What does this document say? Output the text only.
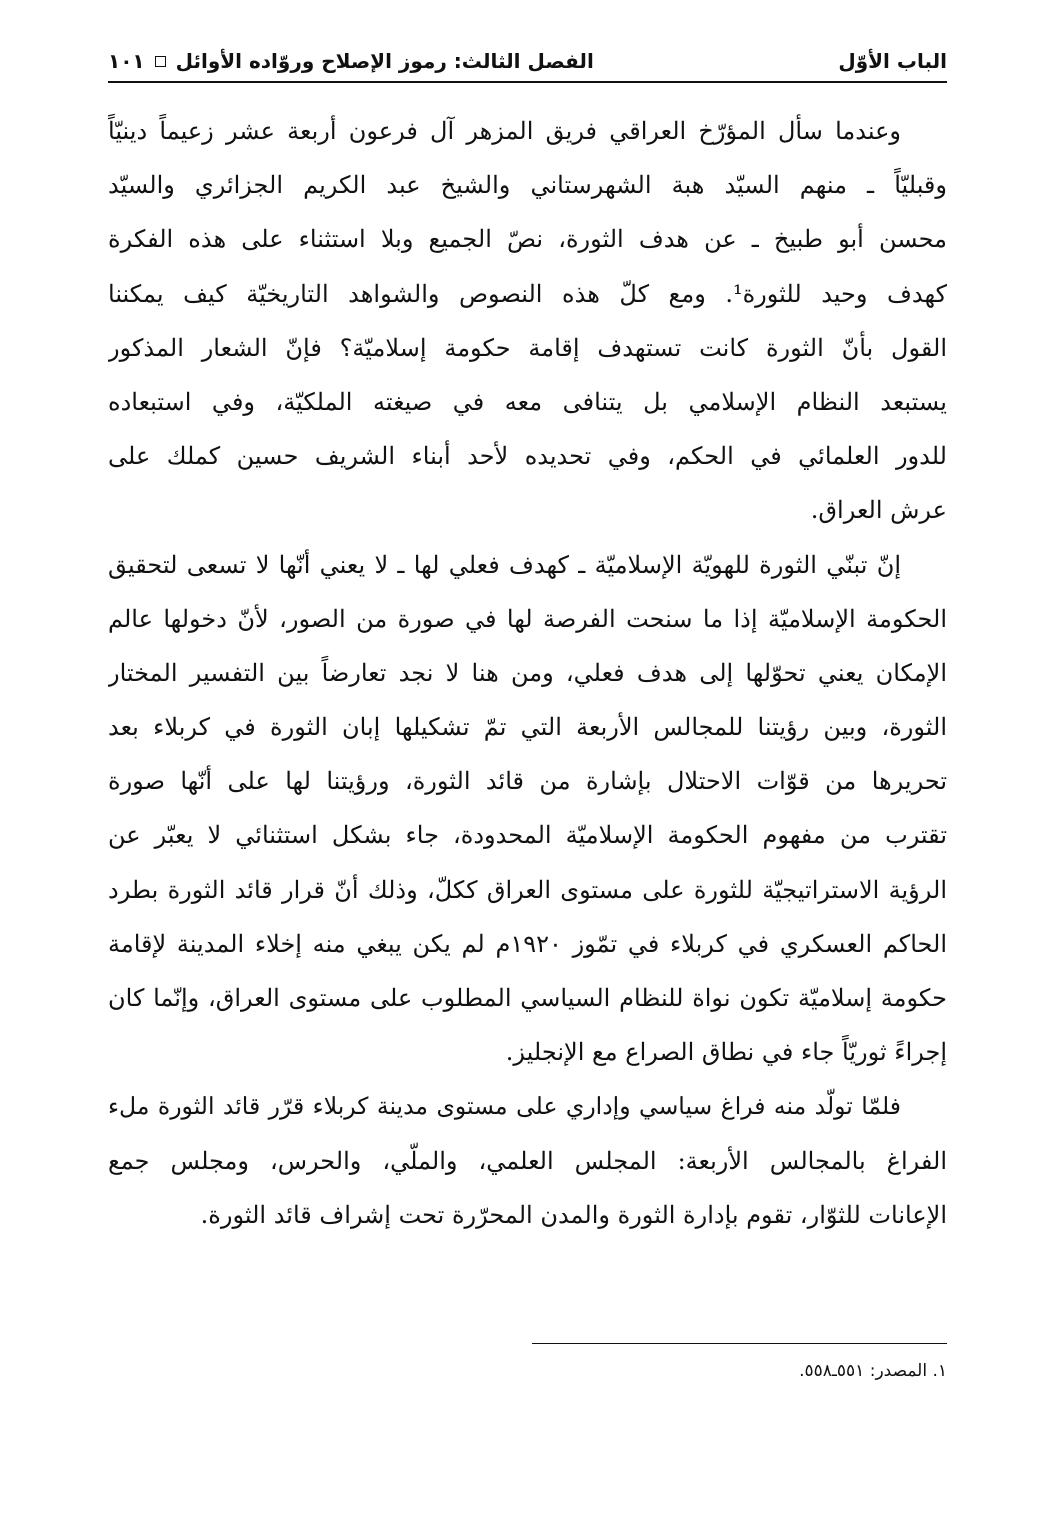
الباب الأوّل
الفصل الثالث: رموز الإصلاح وروّاده الأوائل
١٠١
وعندما سأل المؤرّخ العراقي فريق المزهر آل فرعون أربعة عشر زعيماً دينيّاً
وقبليّاً ـ منهم السيّد هبة الشهرستاني والشيخ عبد الكريم الجزائري والسيّد
محسن أبو طبيخ ـ عن هدف الثورة، نصّ الجميع وبلا استثناء على هذه الفكرة
كهدف وحيد للثورة¹. ومع كلّ هذه النصوص والشواهد التاريخيّة كيف يمكننا
القول بأنّ الثورة كانت تستهدف إقامة حكومة إسلاميّة؟ فإنّ الشعار المذكور
يستبعد النظام الإسلامي بل يتنافى معه في صيغته الملكيّة، وفي استبعاده
للدور العلمائي في الحكم، وفي تحديده لأحد أبناء الشريف حسين كملك على
عرش العراق.
إنّ تبنّي الثورة للهويّة الإسلاميّة ـ كهدف فعلي لها ـ لا يعني أنّها لا تسعى لتحقيق
الحكومة الإسلاميّة إذا ما سنحت الفرصة لها في صورة من الصور، لأنّ دخولها عالم
الإمكان يعني تحوّلها إلى هدف فعلي، ومن هنا لا نجد تعارضاً بين التفسير المختار
الثورة، وبين رؤيتنا للمجالس الأربعة التي تمّ تشكيلها إبان الثورة في كربلاء بعد
تحريرها من قوّات الاحتلال بإشارة من قائد الثورة، ورؤيتنا لها على أنّها صورة
تقترب من مفهوم الحكومة الإسلاميّة المحدودة، جاء بشكل استثنائي لا يعبّر عن
الرؤية الاستراتيجيّة للثورة على مستوى العراق ككلّ، وذلك أنّ قرار قائد الثورة بطرد
الحاكم العسكري في كربلاء في تمّوز ١٩٢٠م لم يكن يبغي منه إخلاء المدينة لإقامة
حكومة إسلاميّة تكون نواة للنظام السياسي المطلوب على مستوى العراق، وإنّما كان
إجراءً ثوريّاً جاء في نطاق الصراع مع الإنجليز.
فلمّا تولّد منه فراغ سياسي وإداري على مستوى مدينة كربلاء قرّر قائد الثورة ملء
الفراغ بالمجالس الأربعة: المجلس العلمي، والملّي، والحرس، ومجلس جمع
الإعانات للثوّار، تقوم بإدارة الثورة والمدن المحرّرة تحت إشراف قائد الثورة.
١. المصدر: ٥٥١ـ٥٥٨.
